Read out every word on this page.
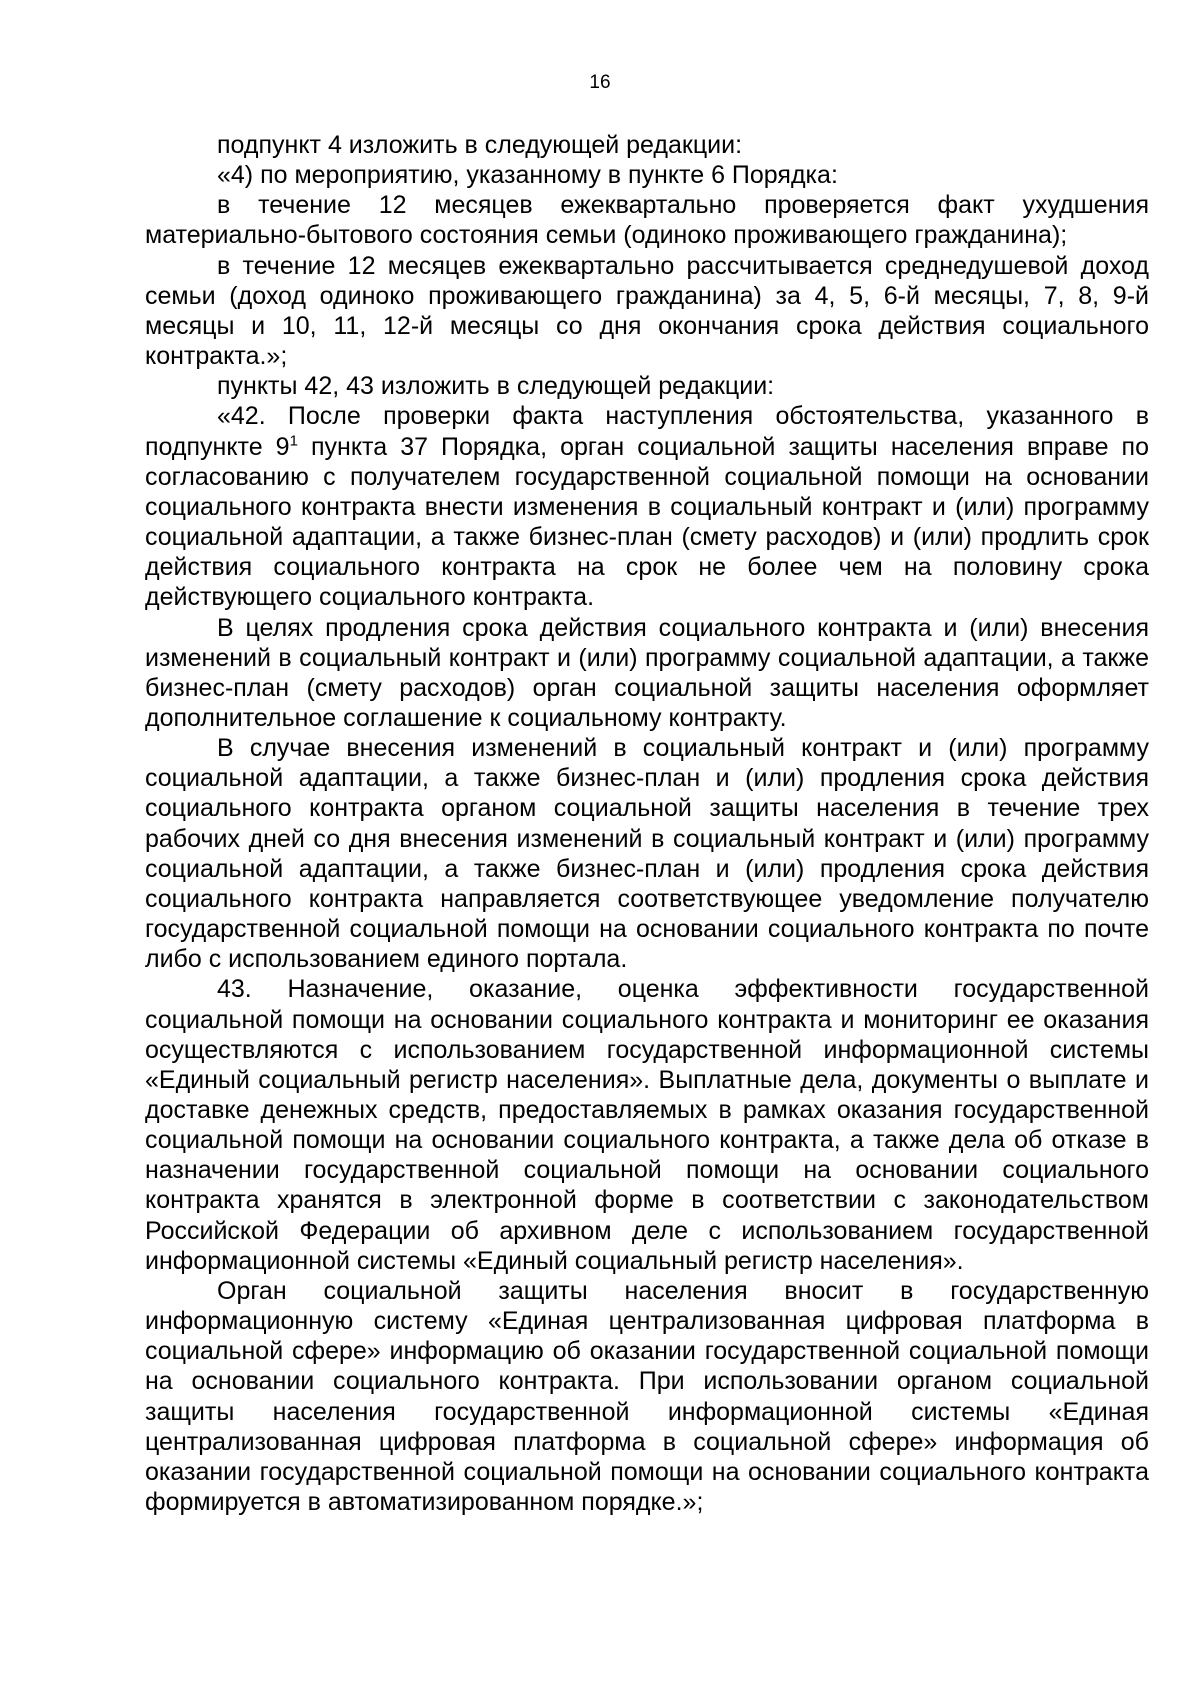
16

подпункт 4 изложить в следующей редакции:

«4) по мероприятию, указанному в пункте 6 Порядка:

в течение 12 месяцев ежеквартально проверяется факт ухудшения материально-бытового состояния семьи (одиноко проживающего гражданина);

в течение 12 месяцев ежеквартально рассчитывается среднедушевой доход семьи (доход одиноко проживающего гражданина) за 4, 5, 6-й месяцы, 7, 8, 9-й месяцы и 10, 11, 12-й месяцы со дня окончания срока действия социального контракта.»;

пункты 42, 43 изложить в следующей редакции:

«42. После проверки факта наступления обстоятельства, указанного в подпункте $9^1$ пункта 37 Порядка, орган социальной защиты населения вправе по согласованию с получателем государственной социальной помощи на основании социального контракта внести изменения в социальный контракт и (или) программу социальной адаптации, а также бизнес-план (смету расходов) и (или) продлить срок действия социального контракта на срок не более чем на половину срока действующего социального контракта.

В целях продления срока действия социального контракта и (или) внесения изменений в социальный контракт и (или) программу социальной адаптации, а также бизнес-план (смету расходов) орган социальной защиты населения оформляет дополнительное соглашение к социальному контракту.

В случае внесения изменений в социальный контракт и (или) программу социальной адаптации, а также бизнес-план и (или) продления срока действия социального контракта органом социальной защиты населения в течение трех рабочих дней со дня внесения изменений в социальный контракт и (или) программу социальной адаптации, а также бизнес-план и (или) продления срока действия социального контракта направляется соответствующее уведомление получателю государственной социальной помощи на основании социального контракта по почте либо с использованием единого портала.

43. Назначение, оказание, оценка эффективности государственной социальной помощи на основании социального контракта и мониторинг ее оказания осуществляются с использованием государственной информационной системы «Единый социальный регистр населения». Выплатные дела, документы о выплате и доставке денежных средств, предоставляемых в рамках оказания государственной социальной помощи на основании социального контракта, а также дела об отказе в назначении государственной социальной помощи на основании социального контракта хранятся в электронной форме в соответствии с законодательством Российской Федерации об архивном деле с использованием государственной информационной системы «Единый социальный регистр населения».

Орган социальной защиты населения вносит в государственную информационную систему «Единая централизованная цифровая платформа в социальной сфере» информацию об оказании государственной социальной помощи на основании социального контракта. При использовании органом социальной защиты населения государственной информационной системы «Единая централизованная цифровая платформа в социальной сфере» информация об оказании государственной социальной помощи на основании социального контракта формируется в автоматизированном порядке.»;
